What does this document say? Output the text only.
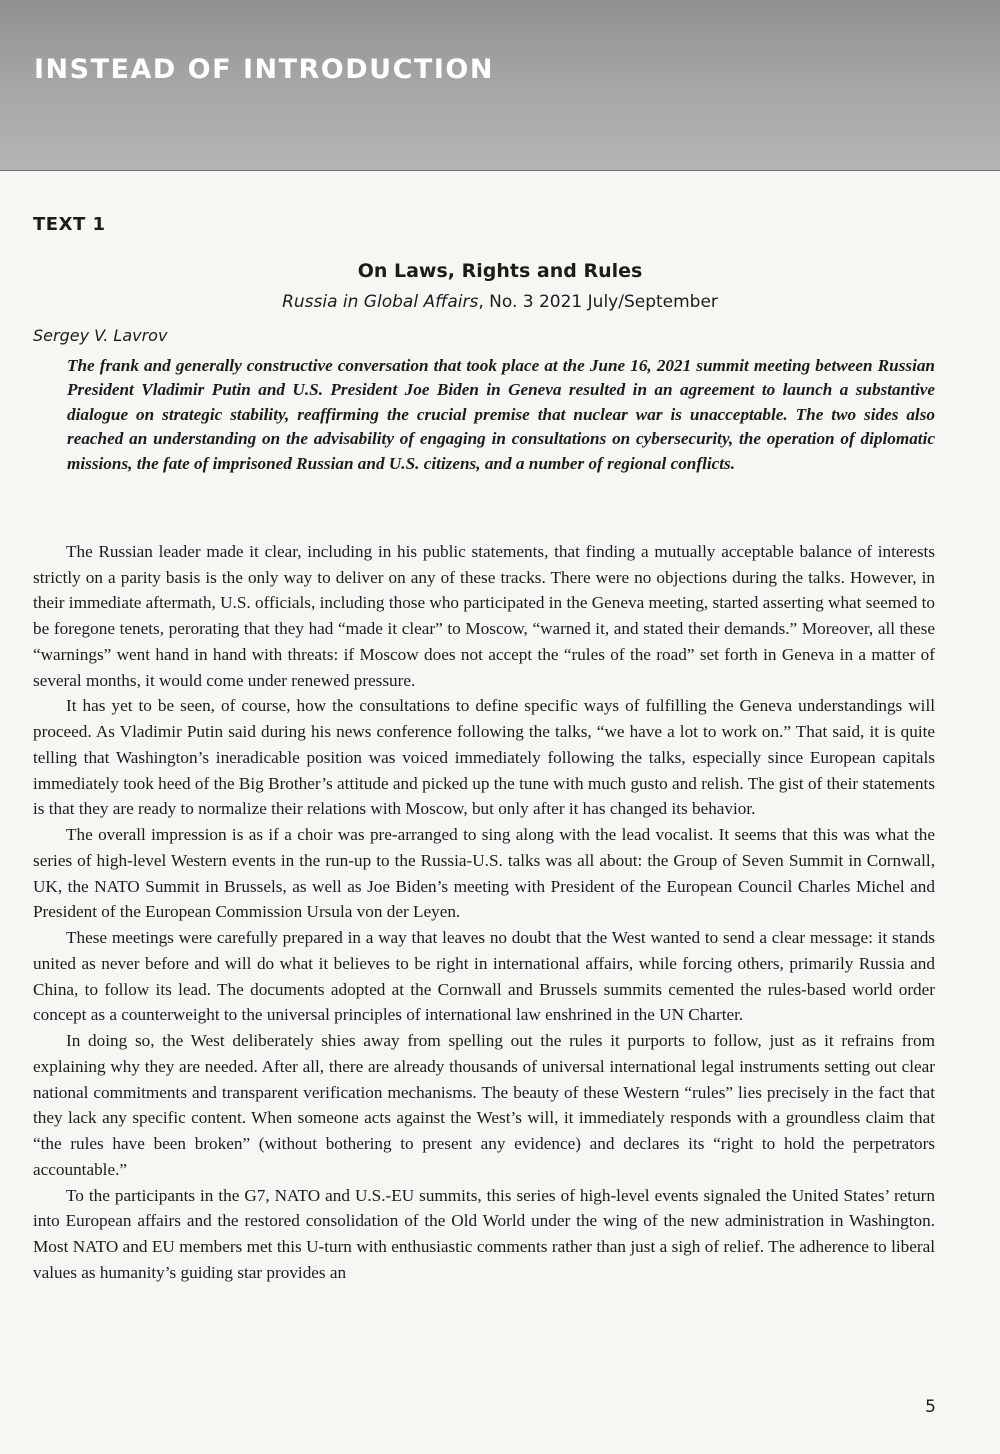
INSTEAD OF INTRODUCTION
TEXT 1
On Laws, Rights and Rules
Russia in Global Affairs, No. 3 2021 July/September
Sergey V. Lavrov
The frank and generally constructive conversation that took place at the June 16, 2021 summit meeting between Russian President Vladimir Putin and U.S. President Joe Biden in Geneva resulted in an agreement to launch a substantive dialogue on strategic stability, reaffirming the crucial premise that nuclear war is unacceptable. The two sides also reached an understanding on the advisability of engaging in consultations on cybersecurity, the operation of diplomatic missions, the fate of imprisoned Russian and U.S. citizens, and a number of regional conflicts.

The Russian leader made it clear, including in his public statements, that finding a mutually acceptable balance of interests strictly on a parity basis is the only way to deliver on any of these tracks. There were no objections during the talks. However, in their immediate aftermath, U.S. officials, including those who participated in the Geneva meeting, started asserting what seemed to be foregone tenets, perorating that they had “made it clear” to Moscow, “warned it, and stated their demands.” Moreover, all these “warnings” went hand in hand with threats: if Moscow does not accept the “rules of the road” set forth in Geneva in a matter of several months, it would come under renewed pressure.

It has yet to be seen, of course, how the consultations to define specific ways of fulfilling the Geneva understandings will proceed. As Vladimir Putin said during his news conference following the talks, “we have a lot to work on.” That said, it is quite telling that Washington’s ineradicable position was voiced immediately following the talks, especially since European capitals immediately took heed of the Big Brother’s attitude and picked up the tune with much gusto and relish. The gist of their statements is that they are ready to normalize their relations with Moscow, but only after it has changed its behavior.

The overall impression is as if a choir was pre-arranged to sing along with the lead vocalist. It seems that this was what the series of high-level Western events in the run-up to the Russia-U.S. talks was all about: the Group of Seven Summit in Cornwall, UK, the NATO Summit in Brussels, as well as Joe Biden’s meeting with President of the European Council Charles Michel and President of the European Commission Ursula von der Leyen.

These meetings were carefully prepared in a way that leaves no doubt that the West wanted to send a clear message: it stands united as never before and will do what it believes to be right in international affairs, while forcing others, primarily Russia and China, to follow its lead. The documents adopted at the Cornwall and Brussels summits cemented the rules-based world order concept as a counterweight to the universal principles of international law enshrined in the UN Charter.

In doing so, the West deliberately shies away from spelling out the rules it purports to follow, just as it refrains from explaining why they are needed. After all, there are already thousands of universal international legal instruments setting out clear national commitments and transparent verification mechanisms. The beauty of these Western “rules” lies precisely in the fact that they lack any specific content. When someone acts against the West’s will, it immediately responds with a groundless claim that “the rules have been broken” (without bothering to present any evidence) and declares its “right to hold the perpetrators accountable.”

To the participants in the G7, NATO and U.S.-EU summits, this series of high-level events signaled the United States’ return into European affairs and the restored consolidation of the Old World under the wing of the new administration in Washington. Most NATO and EU members met this U-turn with enthusiastic comments rather than just a sigh of relief. The adherence to liberal values as humanity’s guiding star provides an

5
